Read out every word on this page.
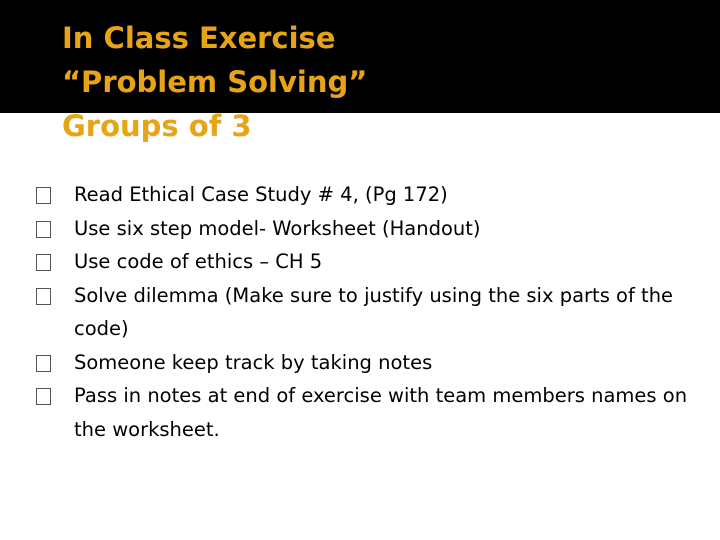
In Class Exercise
“Problem Solving”
Groups of 3
Read Ethical Case Study # 4, (Pg 172)
Use six step model- Worksheet (Handout)
Use code of ethics – CH 5
Solve dilemma (Make sure to justify using the six parts of the code)
Someone keep track by taking notes
Pass in notes at end of exercise with team members names on the worksheet.
